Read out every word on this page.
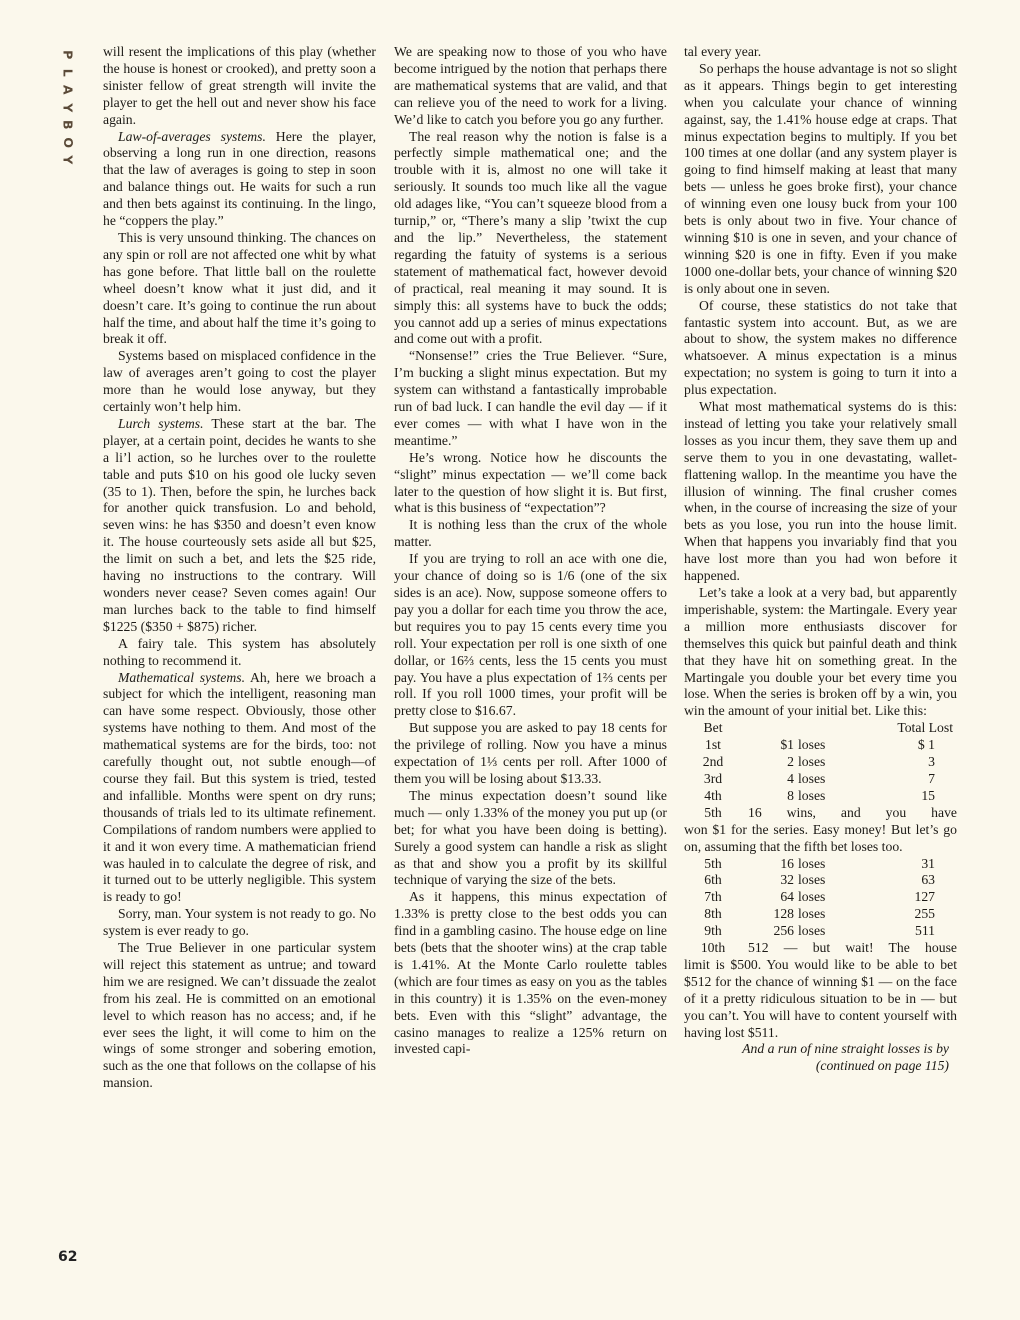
P
L
A
Y
B
O
Y
62

will resent the implications of this play (whether the house is honest or crooked), and pretty soon a sinister fellow of great strength will invite the player to get the hell out and never show his face again.

Law-of-averages systems. Here the player, observing a long run in one direction, reasons that the law of averages is going to step in soon and balance things out. He waits for such a run and then bets against its continuing. In the lingo, he “coppers the play.”

This is very unsound thinking. The chances on any spin or roll are not affected one whit by what has gone before. That little ball on the roulette wheel doesn’t know what it just did, and it doesn’t care. It’s going to continue the run about half the time, and about half the time it’s going to break it off.

Systems based on misplaced confidence in the law of averages aren’t going to cost the player more than he would lose anyway, but they certainly won’t help him.

Lurch systems. These start at the bar. The player, at a certain point, decides he wants to she a li’l action, so he lurches over to the roulette table and puts $10 on his good ole lucky seven (35 to 1). Then, before the spin, he lurches back for another quick transfusion. Lo and behold, seven wins: he has $350 and doesn’t even know it. The house courteously sets aside all but $25, the limit on such a bet, and lets the $25 ride, having no instructions to the contrary. Will wonders never cease? Seven comes again! Our man lurches back to the table to find himself $1225 ($350 + $875) richer.

A fairy tale. This system has absolutely nothing to recommend it.

Mathematical systems. Ah, here we broach a subject for which the intelligent, reasoning man can have some respect. Obviously, those other systems have nothing to them. And most of the mathematical systems are for the birds, too: not carefully thought out, not subtle enough—of course they fail. But this system is tried, tested and infallible. Months were spent on dry runs; thousands of trials led to its ultimate refinement. Compilations of random numbers were applied to it and it won every time. A mathematician friend was hauled in to calculate the degree of risk, and it turned out to be utterly negligible. This system is ready to go!

Sorry, man. Your system is not ready to go. No system is ever ready to go.

The True Believer in one particular system will reject this statement as untrue; and toward him we are resigned. We can’t dissuade the zealot from his zeal. He is committed on an emotional level to which reason has no access; and, if he ever sees the light, it will come to him on the wings of some stronger and sobering emotion, such as the one that follows on the collapse of his mansion.

We are speaking now to those of you who have become intrigued by the notion that perhaps there are mathematical systems that are valid, and that can relieve you of the need to work for a living. We’d like to catch you before you go any further.

The real reason why the notion is false is a perfectly simple mathematical one; and the trouble with it is, almost no one will take it seriously. It sounds too much like all the vague old adages like, “You can’t squeeze blood from a turnip,” or, “There’s many a slip ’twixt the cup and the lip.” Nevertheless, the statement regarding the fatuity of systems is a serious statement of mathematical fact, however devoid of practical, real meaning it may sound. It is simply this: all systems have to buck the odds; you cannot add up a series of minus expectations and come out with a profit.

“Nonsense!” cries the True Believer. “Sure, I’m bucking a slight minus expectation. But my system can withstand a fantastically improbable run of bad luck. I can handle the evil day — if it ever comes — with what I have won in the meantime.”

He’s wrong. Notice how he discounts the “slight” minus expectation — we’ll come back later to the question of how slight it is. But first, what is this business of “expectation”?

It is nothing less than the crux of the whole matter.

If you are trying to roll an ace with one die, your chance of doing so is 1/6 (one of the six sides is an ace). Now, suppose someone offers to pay you a dollar for each time you throw the ace, but requires you to pay 15 cents every time you roll. Your expectation per roll is one sixth of one dollar, or 16⅔ cents, less the 15 cents you must pay. You have a plus expectation of 1⅔ cents per roll. If you roll 1000 times, your profit will be pretty close to $16.67.

But suppose you are asked to pay 18 cents for the privilege of rolling. Now you have a minus expectation of 1⅓ cents per roll. After 1000 of them you will be losing about $13.33.

The minus expectation doesn’t sound like much — only 1.33% of the money you put up (or bet; for what you have been doing is betting). Surely a good system can handle a risk as slight as that and show you a profit by its skillful technique of varying the size of the bets.

As it happens, this minus expectation of 1.33% is pretty close to the best odds you can find in a gambling casino. The house edge on line bets (bets that the shooter wins) at the crap table is 1.41%. At the Monte Carlo roulette tables (which are four times as easy on you as the tables in this country) it is 1.35% on the even-money bets. Even with this “slight” advantage, the casino manages to realize a 125% return on invested capi-

tal every year.

So perhaps the house advantage is not so slight as it appears. Things begin to get interesting when you calculate your chance of winning against, say, the 1.41% house edge at craps. That minus expectation begins to multiply. If you bet 100 times at one dollar (and any system player is going to find himself making at least that many bets — unless he goes broke first), your chance of winning even one lousy buck from your 100 bets is only about two in five. Your chance of winning $10 is one in seven, and your chance of winning $20 is one in fifty. Even if you make 1000 one-dollar bets, your chance of winning $20 is only about one in seven.

Of course, these statistics do not take that fantastic system into account. But, as we are about to show, the system makes no difference whatsoever. A minus expectation is a minus expectation; no system is going to turn it into a plus expectation.

What most mathematical systems do is this: instead of letting you take your relatively small losses as you incur them, they save them up and serve them to you in one devastating, wallet-flattening wallop. In the meantime you have the illusion of winning. The final crusher comes when, in the course of increasing the size of your bets as you lose, you run into the house limit. When that happens you invariably find that you have lost more than you had won before it happened.

Let’s take a look at a very bad, but apparently imperishable, system: the Martingale. Every year a million more enthusiasts discover for themselves this quick but painful death and think that they have hit on something great. In the Martingale you double your bet every time you lose. When the series is broken off by a win, you win the amount of your initial bet. Like this:

Bet			Total Lost
1st	$1	loses	$ 1
2nd	2	loses	3
3rd	4	loses	7
4th	8	loses	15
5th	16 wins, and you have		

won $1 for the series. Easy money! But let’s go on, assuming that the fifth bet loses too.

5th	16	loses	31
6th	32	loses	63
7th	64	loses	127
8th	128	loses	255
9th	256	loses	511
10th	512 — but wait! The house		

limit is $500. You would like to be able to bet $512 for the chance of winning $1 — on the face of it a pretty ridiculous situation to be in — but you can’t. You will have to content yourself with having lost $511.

And a run of nine straight losses is by

(continued on page 115)
